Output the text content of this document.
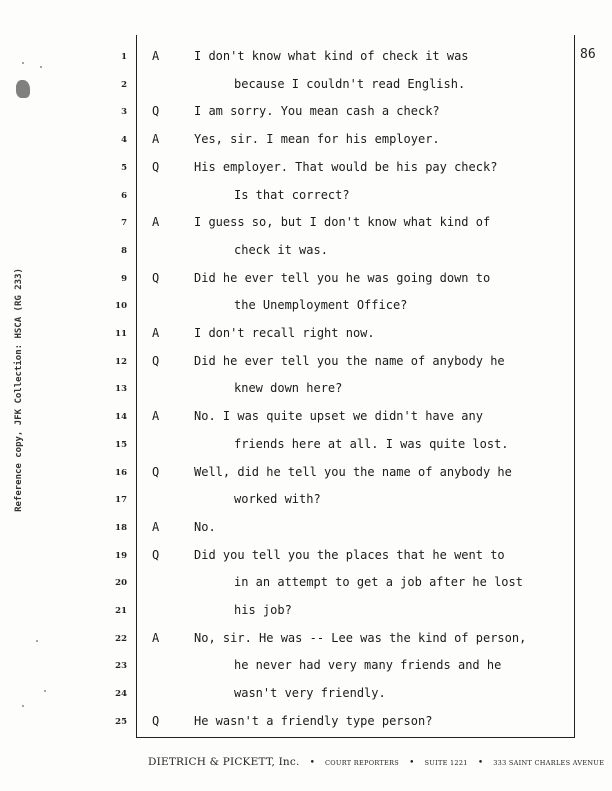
Reference copy, JFK Collection: HSCA (RG 233)
86
1 A	I don't know what kind of check it was
2	because I couldn't read English.
3 Q	I am sorry. You mean cash a check?
4 A	Yes, sir. I mean for his employer.
5 Q	His employer. That would be his pay check?
6	Is that correct?
7 A	I guess so, but I don't know what kind of
8	check it was.
9 Q	Did he ever tell you he was going down to
10	the Unemployment Office?
11 A	I don't recall right now.
12 Q	Did he ever tell you the name of anybody he
13	knew down here?
14 A	No. I was quite upset we didn't have any
15	friends here at all. I was quite lost.
16 Q	Well, did he tell you the name of anybody he
17	worked with?
18 A	No.
19 Q	Did you tell you the places that he went to
20	in an attempt to get a job after he lost
21	his job?
22 A	No, sir. He was -- Lee was the kind of person,
23	he never had very many friends and he
24	wasn't very friendly.
25 Q	He wasn't a friendly type person?
DIETRICH & PICKETT, Inc. • COURT REPORTERS • SUITE 1221 • 333 SAINT CHARLES AVENUE
